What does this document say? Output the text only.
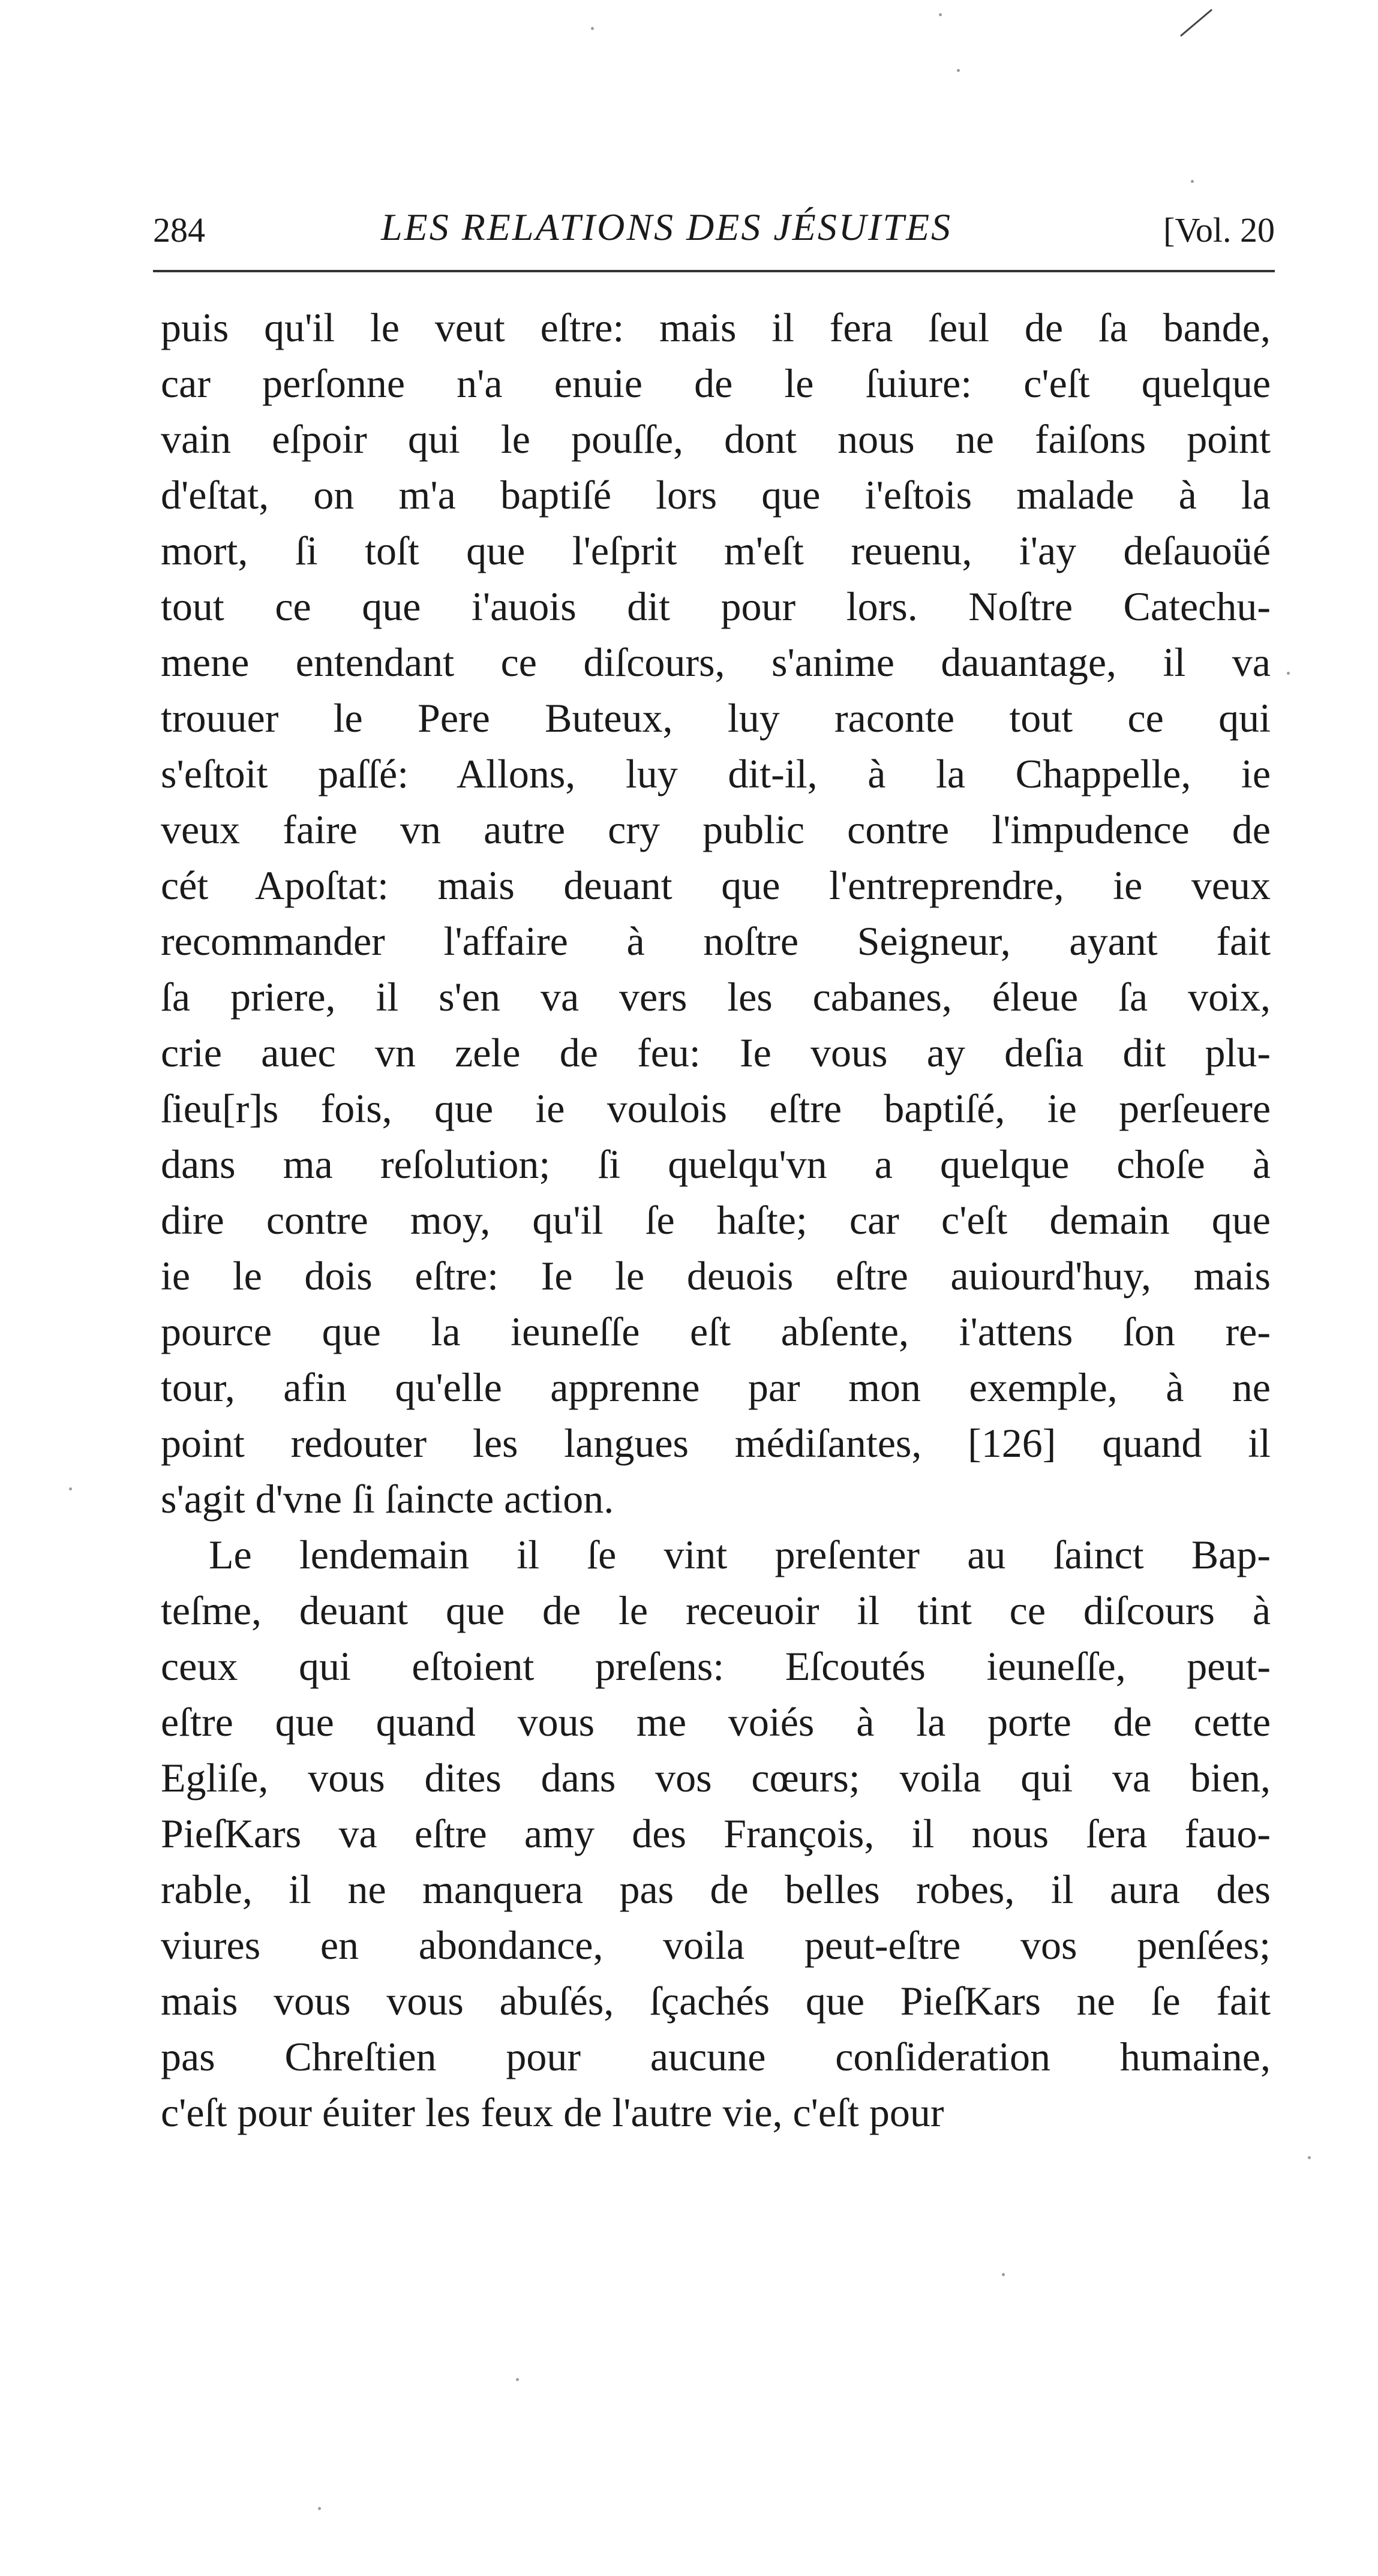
284	LES RELATIONS DES JÉSUITES	[Vol. 20
puis qu'il le veut eſtre: mais il fera ſeul de ſa bande,
car perſonne n'a enuie de le ſuiure: c'eſt quelque
vain eſpoir qui le pouſſe, dont nous ne faiſons point
d'eſtat, on m'a baptiſé lors que i'eſtois malade à la
mort, ſi toſt que l'eſprit m'eſt reuenu, i'ay deſauoüé
tout ce que i'auois dit pour lors. Noſtre Catechu-
mene entendant ce diſcours, s'anime dauantage, il va
trouuer le Pere Buteux, luy raconte tout ce qui
s'eſtoit paſſé: Allons, luy dit-il, à la Chappelle, ie
veux faire vn autre cry public contre l'impudence de
cét Apoſtat: mais deuant que l'entreprendre, ie veux
recommander l'affaire à noſtre Seigneur, ayant fait
ſa priere, il s'en va vers les cabanes, éleue ſa voix,
crie auec vn zele de feu: Ie vous ay deſia dit plu-
ſieu[r]s fois, que ie voulois eſtre baptiſé, ie perſeuere
dans ma reſolution; ſi quelqu'vn a quelque choſe à
dire contre moy, qu'il ſe haſte; car c'eſt demain que
ie le dois eſtre: Ie le deuois eſtre auiourd'huy, mais
pource que la ieuneſſe eſt abſente, i'attens ſon re-
tour, afin qu'elle apprenne par mon exemple, à ne
point redouter les langues médiſantes, [126] quand il
s'agit d'vne ſi ſaincte action.
Le lendemain il ſe vint preſenter au ſainct Bap-
teſme, deuant que de le receuoir il tint ce diſcours à
ceux qui eſtoient preſens: Eſcoutés ieuneſſe, peut-
eſtre que quand vous me voiés à la porte de cette
Egliſe, vous dites dans vos cœurs; voila qui va bien,
PieſKars va eſtre amy des François, il nous ſera fauo-
rable, il ne manquera pas de belles robes, il aura des
viures en abondance, voila peut-eſtre vos penſées;
mais vous vous abuſés, ſçachés que PieſKars ne ſe fait
pas Chreſtien pour aucune conſideration humaine,
c'eſt pour éuiter les feux de l'autre vie, c'eſt pour
